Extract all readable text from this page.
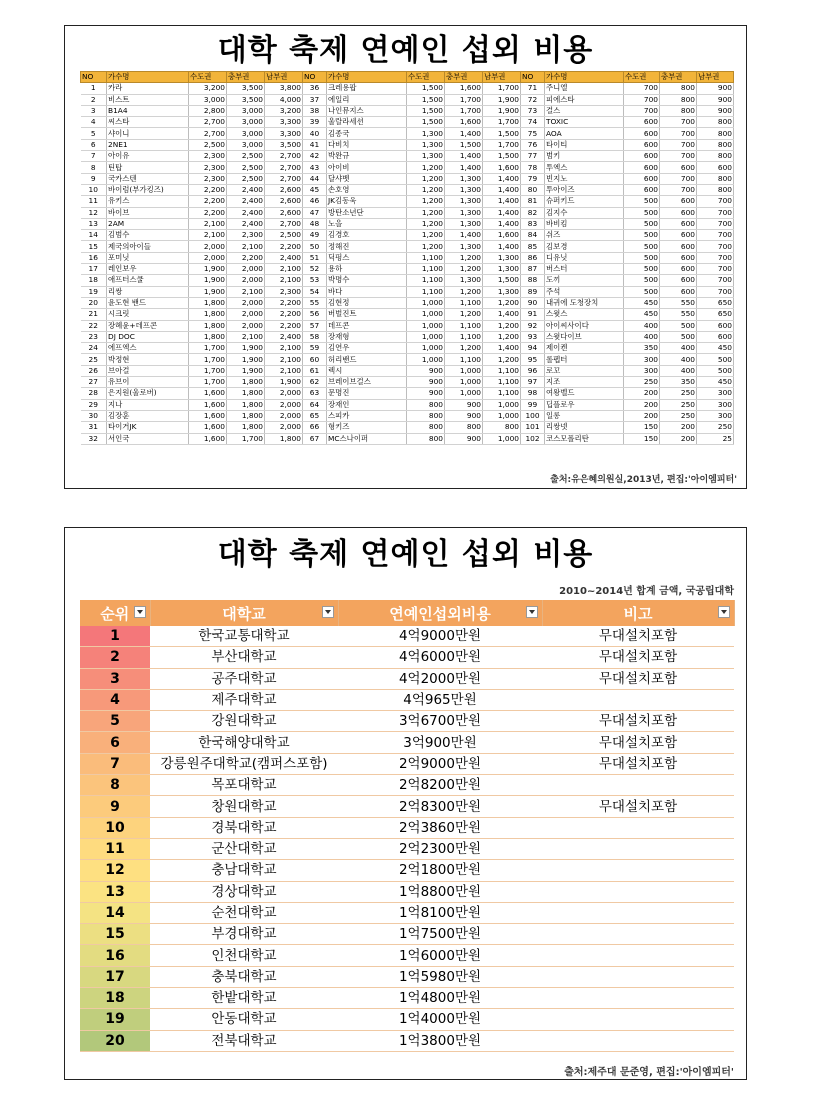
대학 축제 연예인 섭외 비용
NO	가수명	수도권	충부권	남부권	NO	가수명	수도권	충부권	남부권	NO	가수명	수도권	충부권	남부권
1	카라	3,200	3,500	3,800	36	크레용팝	1,500	1,600	1,700	71	주니엘	700	800	900
2	비스트	3,000	3,500	4,000	37	에일리	1,500	1,700	1,900	72	피에스타	700	800	900
3	B1A4	2,800	3,000	3,200	38	나인뮤지스	1,500	1,700	1,900	73	걸스	700	800	900
4	씨스타	2,700	3,000	3,300	39	울랄라세션	1,500	1,600	1,700	74	TOXIC	600	700	800
5	샤이니	2,700	3,000	3,300	40	김종국	1,300	1,400	1,500	75	AOA	600	700	800
6	2NE1	2,500	3,000	3,500	41	다비치	1,300	1,500	1,700	76	타이티	600	700	800
7	아이유	2,300	2,500	2,700	42	박완규	1,300	1,400	1,500	77	범키	600	700	800
8	틴탑	2,300	2,500	2,700	43	아이비	1,200	1,400	1,600	78	투엑스	600	600	600
9	국카스텐	2,300	2,500	2,700	44	달샤벳	1,200	1,300	1,400	79	빈지노	600	700	800
10	바이럼(부가킹즈)	2,200	2,400	2,600	45	손호영	1,200	1,300	1,400	80	투아이즈	600	700	800
11	유키스	2,200	2,400	2,600	46	JK김동욱	1,200	1,300	1,400	81	슈퍼키드	500	600	700
12	바이브	2,200	2,400	2,600	47	방탄소년단	1,200	1,300	1,400	82	김지수	500	600	700
13	2AM	2,100	2,400	2,700	48	노을	1,200	1,300	1,400	83	바비킴	500	600	700
14	김범수	2,100	2,300	2,500	49	김경호	1,200	1,400	1,600	84	쉬즈	500	600	700
15	제국의아이들	2,000	2,100	2,200	50	정해진	1,200	1,300	1,400	85	김보경	500	600	700
16	포미닛	2,000	2,200	2,400	51	딕펑스	1,100	1,200	1,300	86	디유닛	500	600	700
17	레인보우	1,900	2,000	2,100	52	용하	1,100	1,200	1,300	87	버스터	500	600	700
18	애프터스쿨	1,900	2,000	2,100	53	박명수	1,100	1,300	1,500	88	도끼	500	600	700
19	리쌍	1,900	2,100	2,300	54	바다	1,100	1,200	1,300	89	주석	500	600	700
20	윤도현 밴드	1,800	2,000	2,200	55	김현정	1,000	1,100	1,200	90	내귀에 도청장치	450	550	650
21	시크릿	1,800	2,000	2,200	56	버벌진트	1,000	1,200	1,400	91	스윗스	450	550	650
22	장혜윤+데프콘	1,800	2,000	2,200	57	데프콘	1,000	1,100	1,200	92	아이씨사이다	400	500	600
23	DJ DOC	1,800	2,100	2,400	58	장재형	1,000	1,100	1,200	93	스윗다이브	400	500	600
24	에프엑스	1,700	1,900	2,100	59	김연우	1,000	1,200	1,400	94	제이켄	350	400	450
25	박정현	1,700	1,900	2,100	60	허리밴드	1,000	1,100	1,200	95	롤펩터	300	400	500
26	브아걸	1,700	1,900	2,100	61	렉시	900	1,000	1,100	96	로꼬	300	400	500
27	유브이	1,700	1,800	1,900	62	브레이브걸스	900	1,000	1,100	97	지조	250	350	450
28	은지원(울로버)	1,600	1,800	2,000	63	문명진	900	1,000	1,100	98	여왕벨드	200	250	300
29	지나	1,600	1,800	2,000	64	장재인	800	900	1,000	99	딥플로우	200	250	300
30	김장훈	1,600	1,800	2,000	65	스피카	800	900	1,000	100	일롱	200	250	300
31	타이거JK	1,600	1,800	2,000	66	형키즈	800	800	800	101	리쌍넷	150	200	250
32	서인국	1,600	1,700	1,800	67	MC스나이퍼	800	900	1,000	102	코스모폴리탄	150	200	25
출처:유은혜의원실,2013년, 편집:'아이엠피터'
대학 축제 연예인 섭외 비용
2010~2014년 합계 금액, 국공립대학
순위	대학교	연예인섭외비용	비고

1	한국교통대학교	4억9000만원	무대설치포함
2	부산대학교	4억6000만원	무대설치포함
3	공주대학교	4억2000만원	무대설치포함
4	제주대학교	4억965만원	
5	강원대학교	3억6700만원	무대설치포함
6	한국해양대학교	3억900만원	무대설치포함
7	강릉원주대학교(캠퍼스포함)	2억9000만원	무대설치포함
8	목포대학교	2억8200만원	
9	창원대학교	2억8300만원	무대설치포함
10	경북대학교	2억3860만원	
11	군산대학교	2억2300만원	
12	충남대학교	2억1800만원	
13	경상대학교	1억8800만원	
14	순천대학교	1억8100만원	
15	부경대학교	1억7500만원	
16	인천대학교	1억6000만원	
17	충북대학교	1억5980만원	
18	한밭대학교	1억4800만원	
19	안동대학교	1억4000만원	
20	전북대학교	1억3800만원	
출처:제주대 문준영, 편집:'아이엠피터'
